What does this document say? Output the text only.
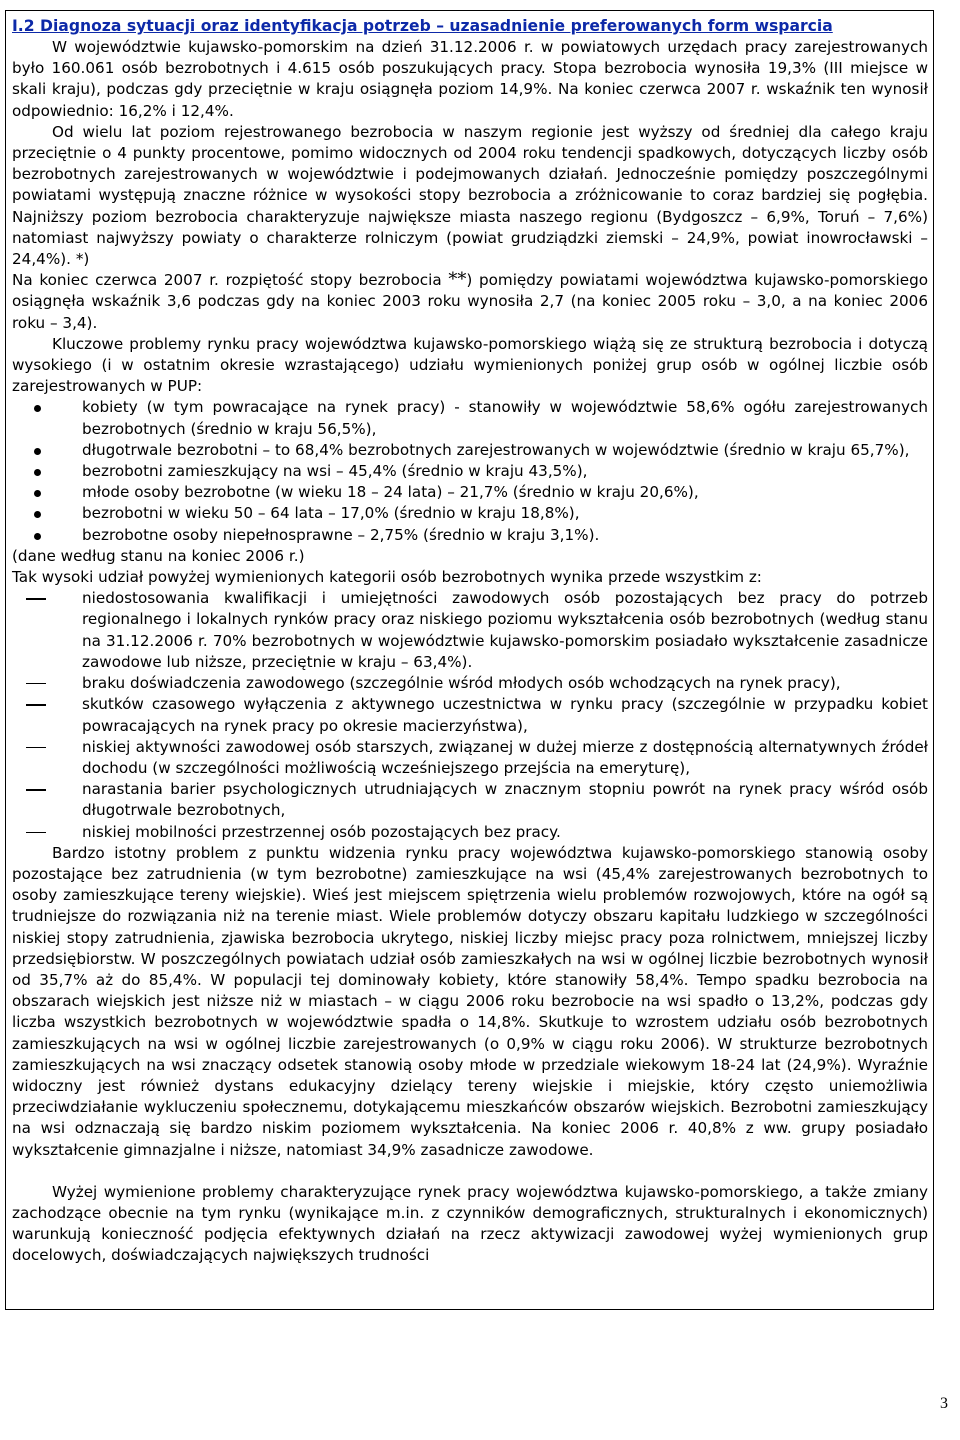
I.2 Diagnoza sytuacji oraz identyfikacja potrzeb – uzasadnienie preferowanych form wsparcia

W województwie kujawsko-pomorskim na dzień 31.12.2006 r. w powiatowych urzędach pracy zarejestrowanych było 160.061 osób bezrobotnych i 4.615 osób poszukujących pracy. Stopa bezrobocia wynosiła 19,3% (III miejsce w skali kraju), podczas gdy przeciętnie w kraju osiągnęła poziom 14,9%. Na koniec czerwca 2007 r. wskaźnik ten wynosił odpowiednio: 16,2% i 12,4%.

Od wielu lat poziom rejestrowanego bezrobocia w naszym regionie jest wyższy od średniej dla całego kraju przeciętnie o 4 punkty procentowe, pomimo widocznych od 2004 roku tendencji spadkowych, dotyczących liczby osób bezrobotnych zarejestrowanych w województwie i podejmowanych działań. Jednocześnie pomiędzy poszczególnymi powiatami występują znaczne różnice w wysokości stopy bezrobocia a zróżnicowanie to coraz bardziej się pogłębia. Najniższy poziom bezrobocia charakteryzuje największe miasta naszego regionu (Bydgoszcz – 6,9%, Toruń – 7,6%) natomiast najwyższy powiaty o charakterze rolniczym (powiat grudziądzki ziemski – 24,9%, powiat inowrocławski – 24,4%). *)

Na koniec czerwca 2007 r. rozpiętość stopy bezrobocia **) pomiędzy powiatami województwa kujawsko-pomorskiego osiągnęła wskaźnik 3,6 podczas gdy na koniec 2003 roku wynosiła 2,7 (na koniec 2005 roku – 3,0, a na koniec 2006 roku – 3,4).

Kluczowe problemy rynku pracy województwa kujawsko-pomorskiego wiążą się ze strukturą bezrobocia i dotyczą wysokiego (i w ostatnim okresie wzrastającego) udziału wymienionych poniżej grup osób w ogólnej liczbie osób zarejestrowanych w PUP:

kobiety (w tym powracające na rynek pracy) - stanowiły w województwie 58,6% ogółu zarejestrowanych bezrobotnych (średnio w kraju 56,5%),
długotrwale bezrobotni – to 68,4% bezrobotnych zarejestrowanych w województwie (średnio w kraju 65,7%),
bezrobotni zamieszkujący na wsi – 45,4% (średnio w kraju 43,5%),
młode osoby bezrobotne (w wieku 18 – 24 lata) – 21,7% (średnio w kraju 20,6%),
bezrobotni w wieku 50 – 64 lata – 17,0% (średnio w kraju 18,8%),
bezrobotne osoby niepełnosprawne – 2,75% (średnio w kraju 3,1%).

(dane według stanu na koniec 2006 r.)

Tak wysoki udział powyżej wymienionych kategorii osób bezrobotnych wynika przede wszystkim z:

niedostosowania kwalifikacji i umiejętności zawodowych osób pozostających bez pracy do potrzeb regionalnego i lokalnych rynków pracy oraz niskiego poziomu wykształcenia osób bezrobotnych (według stanu na 31.12.2006 r. 70% bezrobotnych w województwie kujawsko-pomorskim posiadało wykształcenie zasadnicze zawodowe lub niższe, przeciętnie w kraju – 63,4%).
braku doświadczenia zawodowego (szczególnie wśród młodych osób wchodzących na rynek pracy),
skutków czasowego wyłączenia z aktywnego uczestnictwa w rynku pracy (szczególnie w przypadku kobiet powracających na rynek pracy po okresie macierzyństwa),
niskiej aktywności zawodowej osób starszych, związanej w dużej mierze z dostępnością alternatywnych źródeł dochodu (w szczególności możliwością wcześniejszego przejścia na emeryturę),
narastania barier psychologicznych utrudniających w znacznym stopniu powrót na rynek pracy wśród osób długotrwale bezrobotnych,
niskiej mobilności przestrzennej osób pozostających bez pracy.

Bardzo istotny problem z punktu widzenia rynku pracy województwa kujawsko-pomorskiego stanowią osoby pozostające bez zatrudnienia (w tym bezrobotne) zamieszkujące na wsi (45,4% zarejestrowanych bezrobotnych to osoby zamieszkujące tereny wiejskie). Wieś jest miejscem spiętrzenia wielu problemów rozwojowych, które na ogół są trudniejsze do rozwiązania niż na terenie miast. Wiele problemów dotyczy obszaru kapitału ludzkiego w szczególności niskiej stopy zatrudnienia, zjawiska bezrobocia ukrytego, niskiej liczby miejsc pracy poza rolnictwem, mniejszej liczby przedsiębiorstw. W poszczególnych powiatach udział osób zamieszkałych na wsi w ogólnej liczbie bezrobotnych wynosił od 35,7% aż do 85,4%. W populacji tej dominowały kobiety, które stanowiły 58,4%. Tempo spadku bezrobocia na obszarach wiejskich jest niższe niż w miastach – w ciągu 2006 roku bezrobocie na wsi spadło o 13,2%, podczas gdy liczba wszystkich bezrobotnych w województwie spadła o 14,8%. Skutkuje to wzrostem udziału osób bezrobotnych zamieszkujących na wsi w ogólnej liczbie zarejestrowanych (o 0,9% w ciągu roku 2006). W strukturze bezrobotnych zamieszkujących na wsi znaczący odsetek stanowią osoby młode w przedziale wiekowym 18-24 lat (24,9%). Wyraźnie widoczny jest również dystans edukacyjny dzielący tereny wiejskie i miejskie, który często uniemożliwia przeciwdziałanie wykluczeniu społecznemu, dotykającemu mieszkańców obszarów wiejskich. Bezrobotni zamieszkujący na wsi odznaczają się bardzo niskim poziomem wykształcenia. Na koniec 2006 r. 40,8% z ww. grupy posiadało wykształcenie gimnazjalne i niższe, natomiast 34,9% zasadnicze zawodowe.

Wyżej wymienione problemy charakteryzujące rynek pracy województwa kujawsko-pomorskiego, a także zmiany zachodzące obecnie na tym rynku (wynikające m.in. z czynników demograficznych, strukturalnych i ekonomicznych) warunkują konieczność podjęcia efektywnych działań na rzecz aktywizacji zawodowej wyżej wymienionych grup docelowych, doświadczających największych trudności

3
